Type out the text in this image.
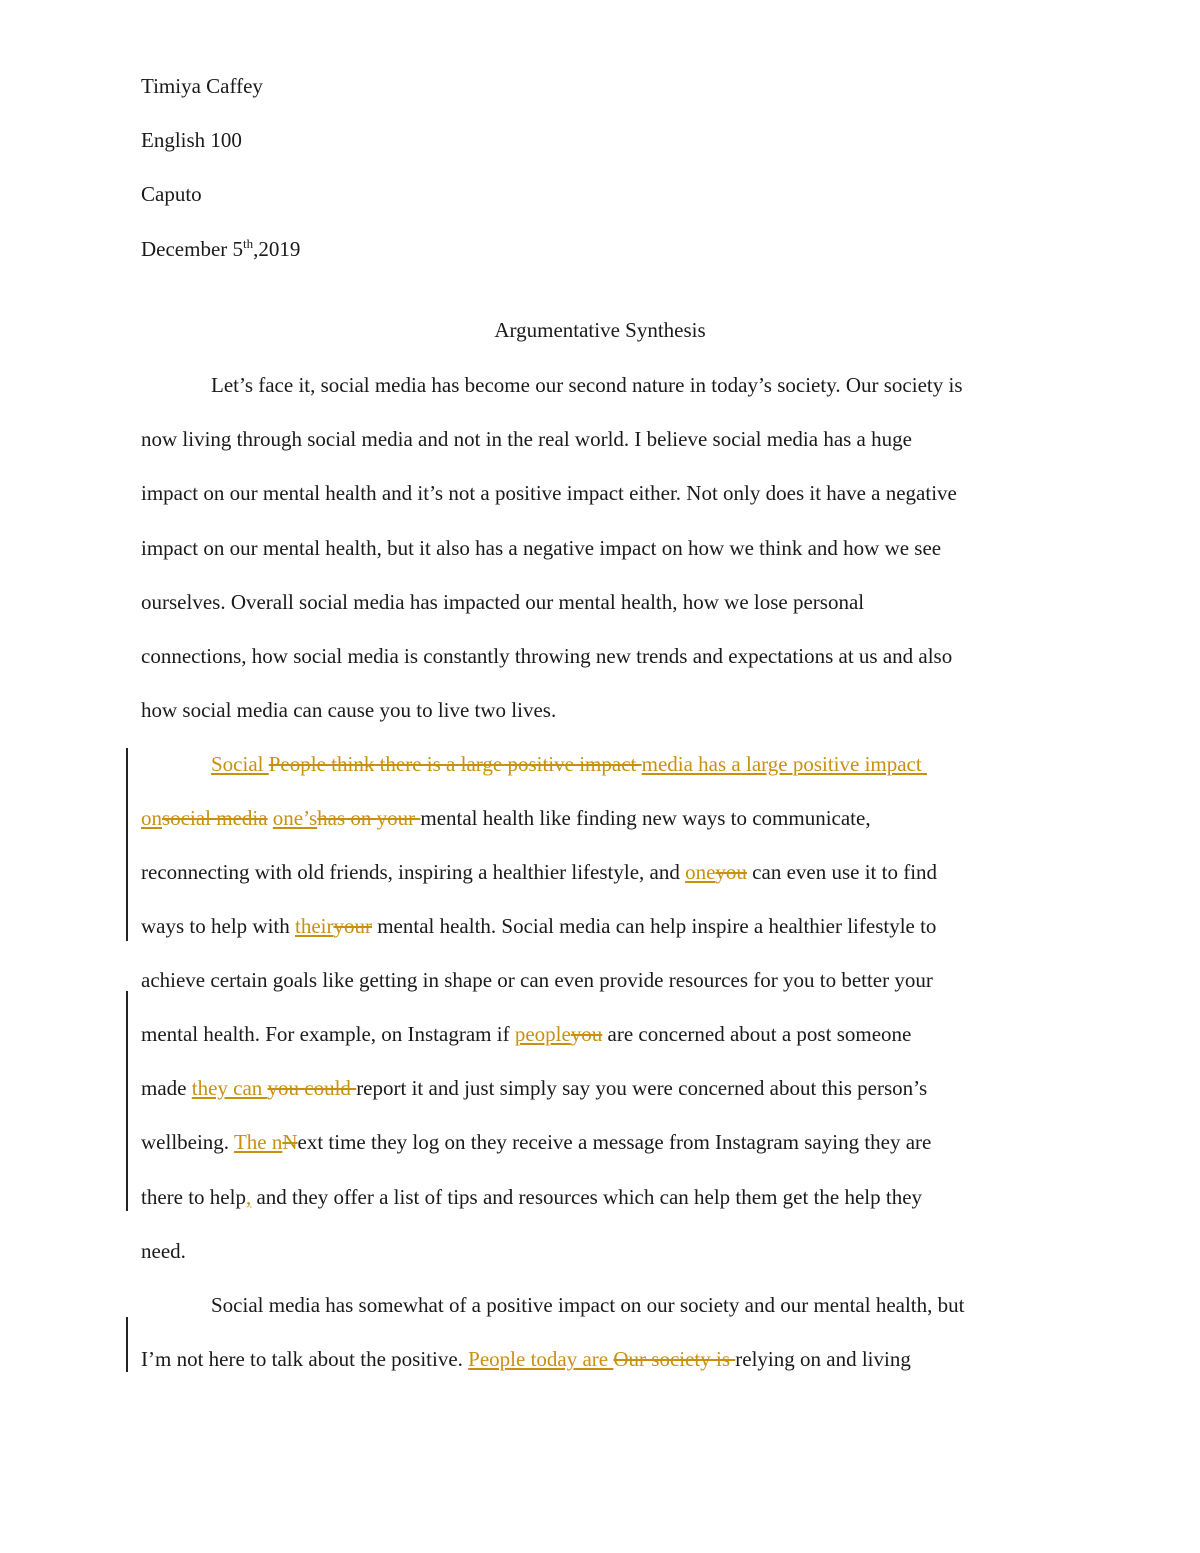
Timiya Caffey
English 100
Caputo
December 5th,2019
Argumentative Synthesis
Let’s face it, social media has become our second nature in today’s society. Our society is
now living through social media and not in the real world. I believe social media has a huge
impact on our mental health and it’s not a positive impact either. Not only does it have a negative
impact on our mental health, but it also has a negative impact on how we think and how we see
ourselves. Overall social media has impacted our mental health, how we lose personal
connections, how social media is constantly throwing new trends and expectations at us and also
how social media can cause you to live two lives.
Social People think there is a large positive impact media has a large positive impact
onsocial media one’shas on your mental health like finding new ways to communicate,
reconnecting with old friends, inspiring a healthier lifestyle, and oneyou can even use it to find
ways to help with theiryour mental health. Social media can help inspire a healthier lifestyle to
achieve certain goals like getting in shape or can even provide resources for you to better your
mental health. For example, on Instagram if peopleyou are concerned about a post someone
made they can you could report it and just simply say you were concerned about this person’s
wellbeing. The nNext time they log on they receive a message from Instagram saying they are
there to help, and they offer a list of tips and resources which can help them get the help they
need.
Social media has somewhat of a positive impact on our society and our mental health, but
I’m not here to talk about the positive. People today are Our society is relying on and living
